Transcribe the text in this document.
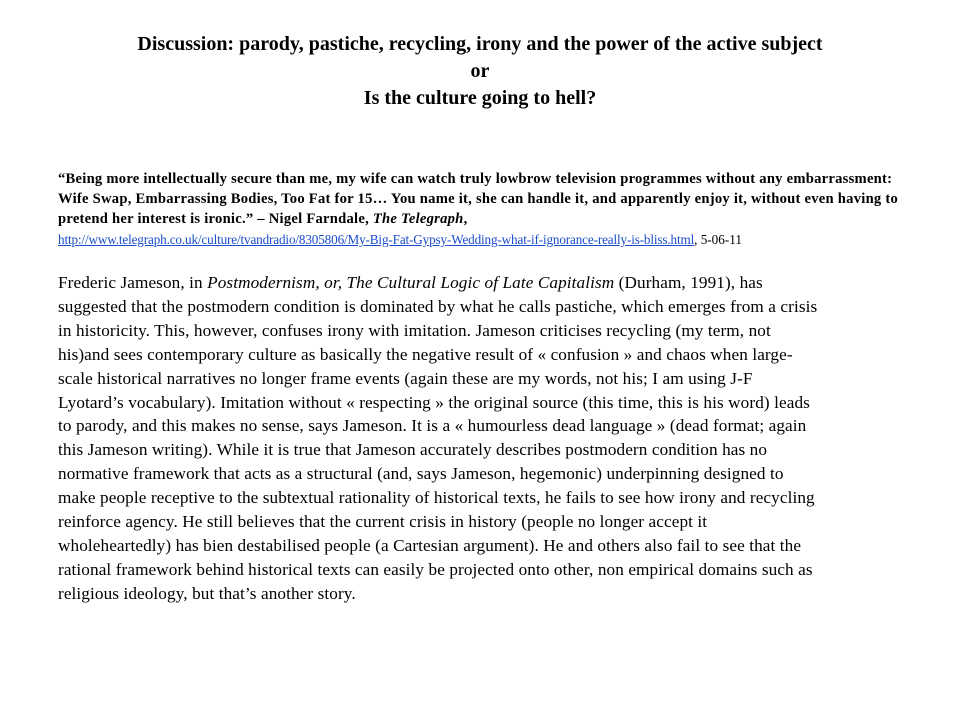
Discussion: parody, pastiche, recycling, irony and the power of the active subject
or
Is the culture going to hell?
“Being more intellectually secure than me, my wife can watch truly lowbrow television programmes without any embarrassment: Wife Swap, Embarrassing Bodies, Too Fat for 15… You name it, she can handle it, and apparently enjoy it, without even having to pretend her interest is ironic.” – Nigel Farndale, The Telegraph,
http://www.telegraph.co.uk/culture/tvandradio/8305806/My-Big-Fat-Gypsy-Wedding-what-if-ignorance-really-is-bliss.html, 5-06-11
Frederic Jameson, in Postmodernism, or, The Cultural Logic of Late Capitalism (Durham, 1991), has
suggested that the postmodern condition is dominated by what he calls pastiche, which emerges from a crisis
in historicity. This, however, confuses irony with imitation. Jameson criticises recycling (my term, not
his)and sees contemporary culture as basically the negative result of « confusion » and chaos when large-
scale historical narratives no longer frame events (again these are my words, not his; I am using J-F
Lyotard’s vocabulary). Imitation without « respecting » the original source (this time, this is his word) leads
to parody, and this makes no sense, says Jameson. It is a « humourless dead language » (dead format; again
this Jameson writing). While it is true that Jameson accurately describes postmodern condition has no
normative framework that acts as a structural (and, says Jameson, hegemonic) underpinning designed to
make people receptive to the subtextual rationality of historical texts, he fails to see how irony and recycling
reinforce agency. He still believes that the current crisis in history (people no longer accept it
wholeheartedly) has bien destabilised people (a Cartesian argument). He and others also fail to see that the
rational framework behind historical texts can easily be projected onto other, non empirical domains such as
religious ideology, but that’s another story.
